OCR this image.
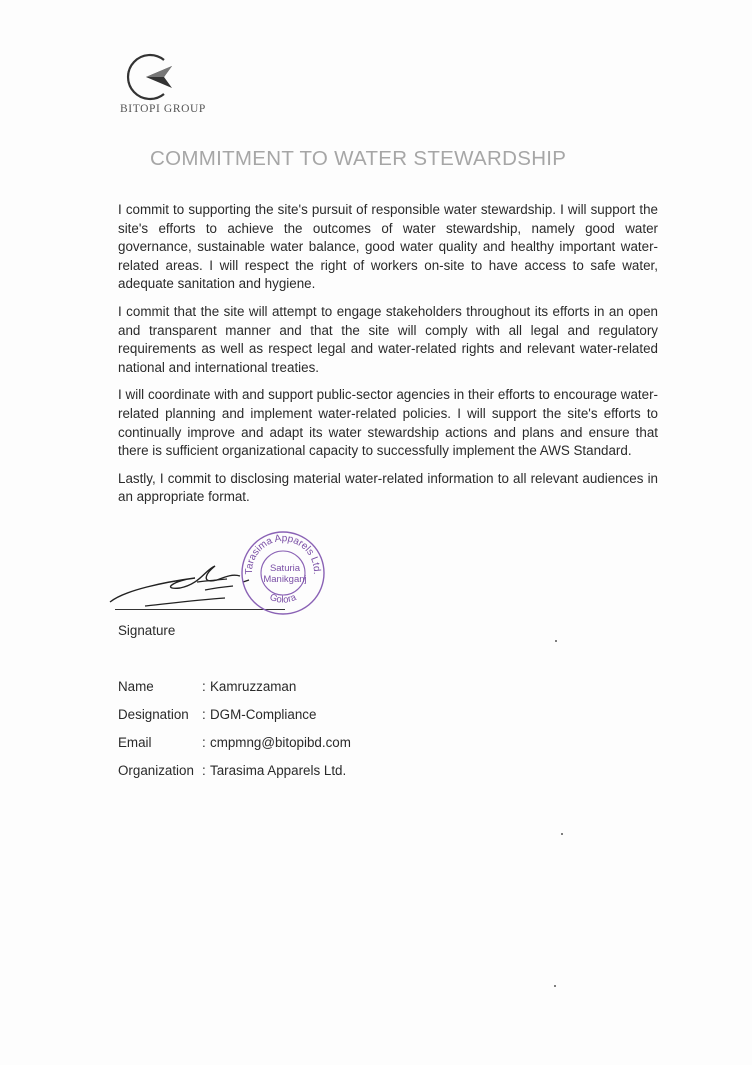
BITOPI GROUP
COMMITMENT TO WATER STEWARDSHIP

I commit to supporting the site's pursuit of responsible water stewardship. I will support the site's efforts to achieve the outcomes of water stewardship, namely good water governance, sustainable water balance, good water quality and healthy important water-related areas. I will respect the right of workers on-site to have access to safe water, adequate sanitation and hygiene.

I commit that the site will attempt to engage stakeholders throughout its efforts in an open and transparent manner and that the site will comply with all legal and regulatory requirements as well as respect legal and water-related rights and relevant water-related national and international treaties.

I will coordinate with and support public-sector agencies in their efforts to encourage water-related planning and implement water-related policies. I will support the site's efforts to continually improve and adapt its water stewardship actions and plans and ensure that there is sufficient organizational capacity to successfully implement the AWS Standard.

Lastly, I commit to disclosing material water-related information to all relevant audiences in an appropriate format.

Tarasima Apparels Ltd.
Golora
Saturia
Manikganj
Signature
Name	: Kamruzzaman
Designation : DGM-Compliance
Email	: cmpmng@bitopibd.com
Organization : Tarasima Apparels Ltd.
